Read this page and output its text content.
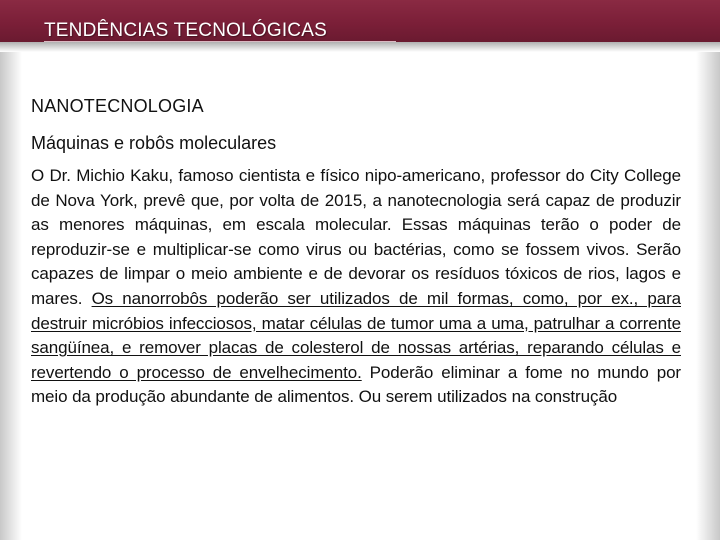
TENDÊNCIAS TECNOLÓGICAS
NANOTECNOLOGIA
Máquinas e robôs moleculares

O Dr. Michio Kaku, famoso cientista e físico nipo-americano, professor do City College de Nova York, prevê que, por volta de 2015, a nanotecnologia será capaz de produzir as menores máquinas, em escala molecular. Essas máquinas terão o poder de reproduzir-se e multiplicar-se como virus ou bactérias, como se fossem vivos. Serão capazes de limpar o meio ambiente e de devorar os resíduos tóxicos de rios, lagos e mares. Os nanorrobôs poderão ser utilizados de mil formas, como, por ex., para destruir micróbios infecciosos, matar células de tumor uma a uma, patrulhar a corrente sangüínea, e remover placas de colesterol de nossas artérias, reparando células e revertendo o processo de envelhecimento. Poderão eliminar a fome no mundo por meio da produção abundante de alimentos. Ou serem utilizados na construção
